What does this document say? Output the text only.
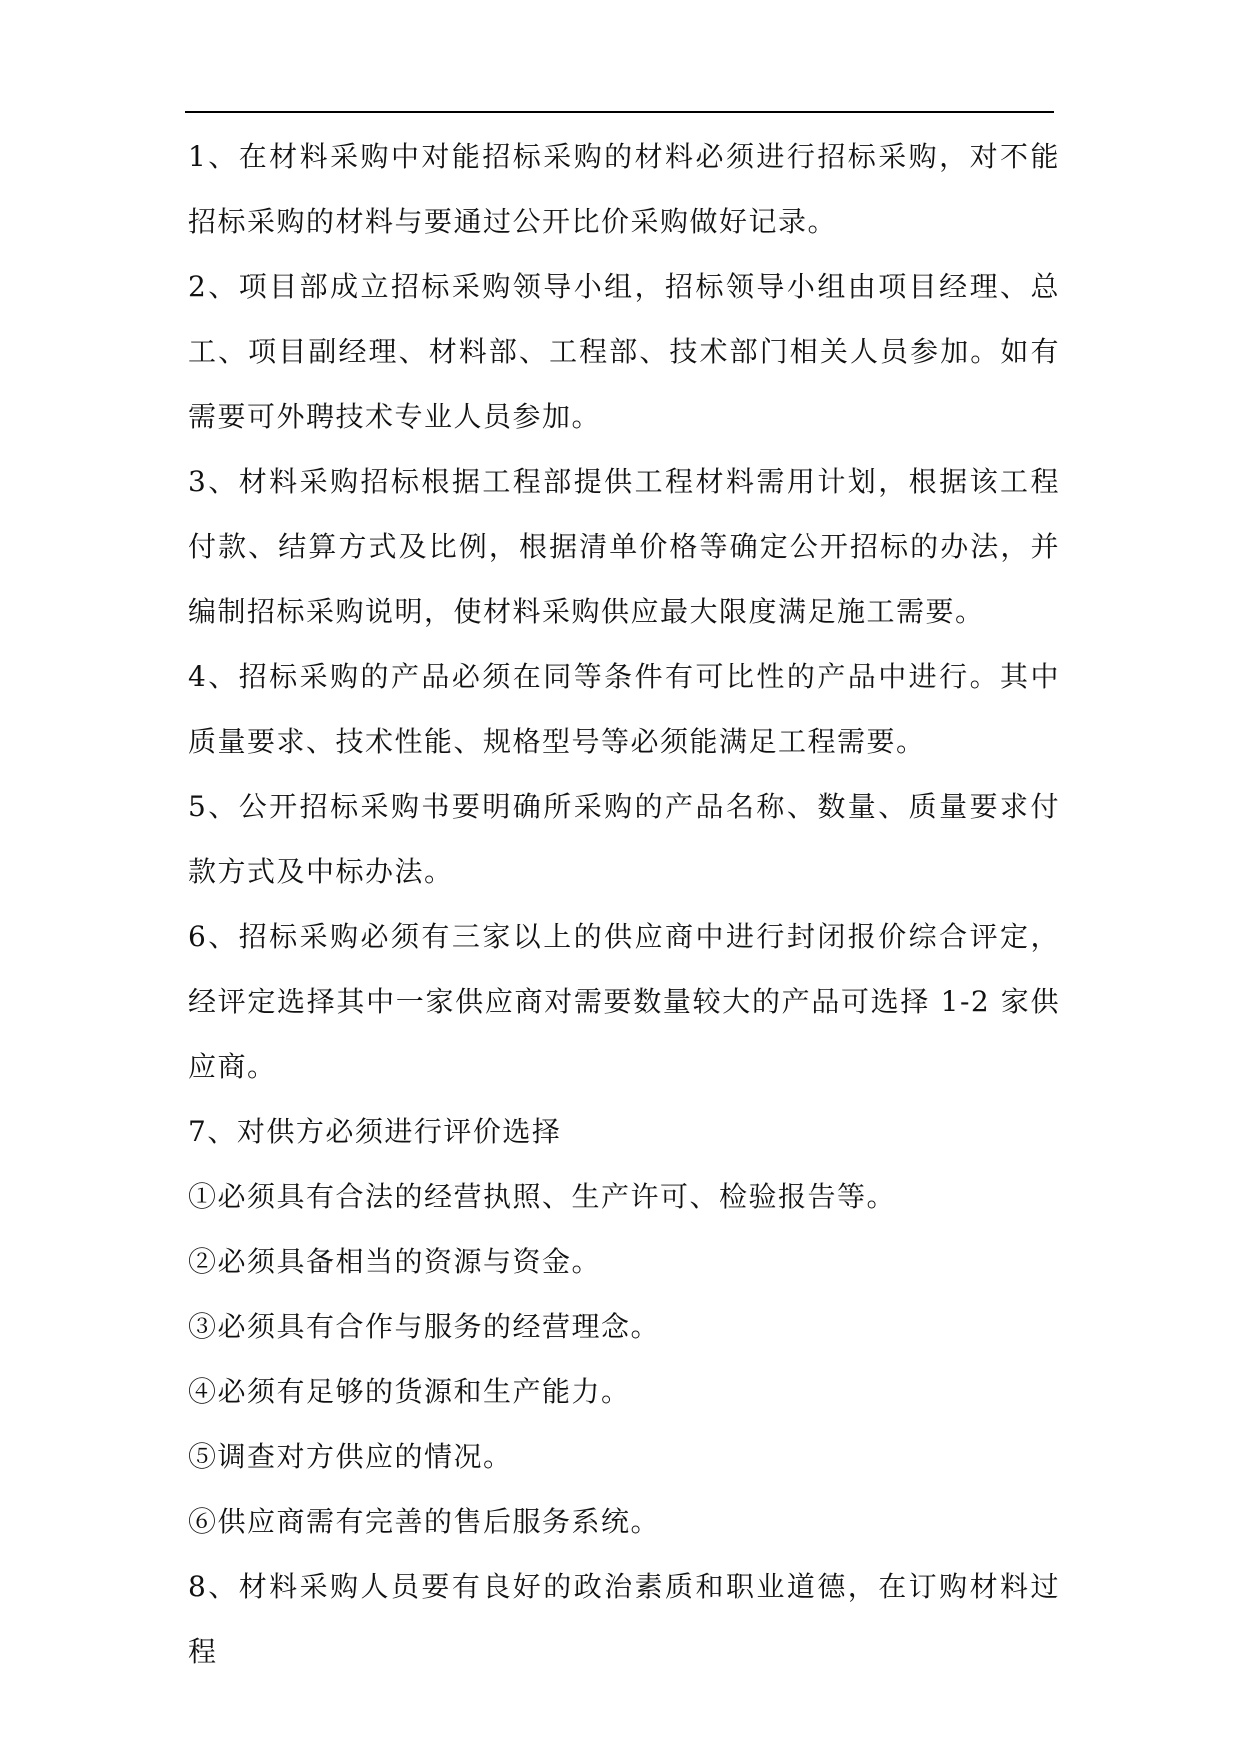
1、在材料采购中对能招标采购的材料必须进行招标采购，对不能招标采购的材料与要通过公开比价采购做好记录。

2、项目部成立招标采购领导小组，招标领导小组由项目经理、总工、项目副经理、材料部、工程部、技术部门相关人员参加。如有需要可外聘技术专业人员参加。

3、材料采购招标根据工程部提供工程材料需用计划，根据该工程付款、结算方式及比例，根据清单价格等确定公开招标的办法，并编制招标采购说明，使材料采购供应最大限度满足施工需要。

4、招标采购的产品必须在同等条件有可比性的产品中进行。其中质量要求、技术性能、规格型号等必须能满足工程需要。

5、公开招标采购书要明确所采购的产品名称、数量、质量要求付款方式及中标办法。

6、招标采购必须有三家以上的供应商中进行封闭报价综合评定，经评定选择其中一家供应商对需要数量较大的产品可选择 1-2 家供应商。

7、对供方必须进行评价选择

①必须具有合法的经营执照、生产许可、检验报告等。

②必须具备相当的资源与资金。

③必须具有合作与服务的经营理念。

④必须有足够的货源和生产能力。

⑤调查对方供应的情况。

⑥供应商需有完善的售后服务系统。

8、材料采购人员要有良好的政治素质和职业道德，在订购材料过程
